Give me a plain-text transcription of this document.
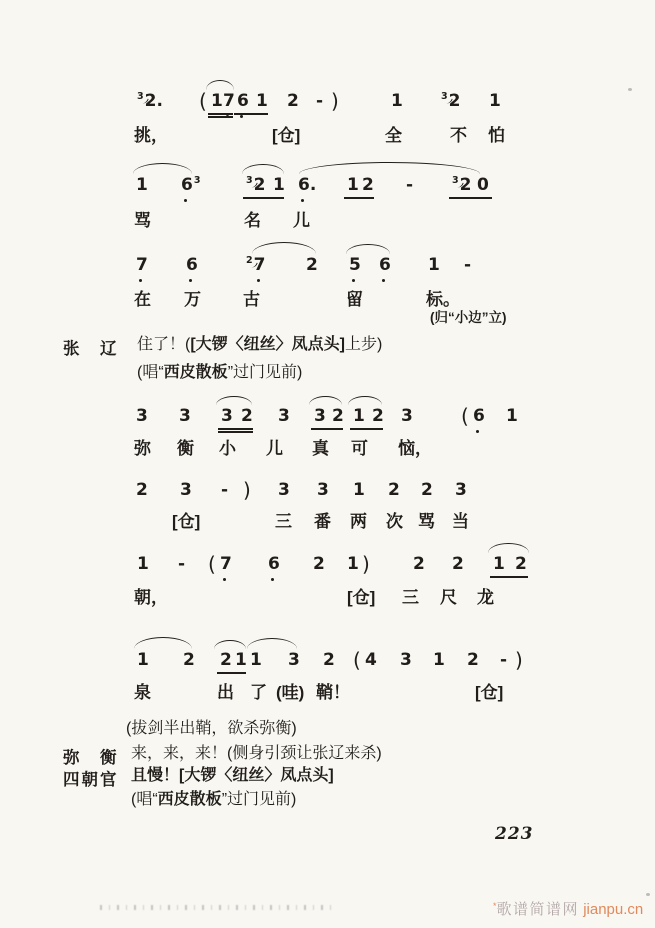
$^3$2. ( 1 7 6 1 2 - )	1	$^3$2 1
挑，	[仓]	全	不 怕
1 $6^3$	$^3$2 1 6. 1 2 -	$^3$2 0
骂	名 儿
7 6	$^2$7 2 5 6 1 -
在 万 古	留	标。
(归“小边”立)
3 3 3 2 3 3 2 1 2 3 ( 6 1
弥 衡 小 儿 真 可 恼，
2 3 - ) 3 3 1 2 2 3
[仓]	三 番 两 次 骂 当
1 - ( 7 6 2 1 )	2 2 1 2
朝，	[仓] 三 尺 龙
1 2 2 1 1 3 2 ( 4 3 1 2 - )
泉	出 了 (哇) 鞘！	[仓]
张　辽 住了！([大锣〈纽丝〉凤点头]上步)
(唱“西皮散板”过门见前)
(拔剑半出鞘，欲杀弥衡)
弥　衡 来，来，来！(侧身引颈让张辽来杀)
四朝官 且慢！[大锣〈纽丝〉凤点头]
(唱“西皮散板”过门见前)
223
*歌谱简谱网 jianpu.cn
